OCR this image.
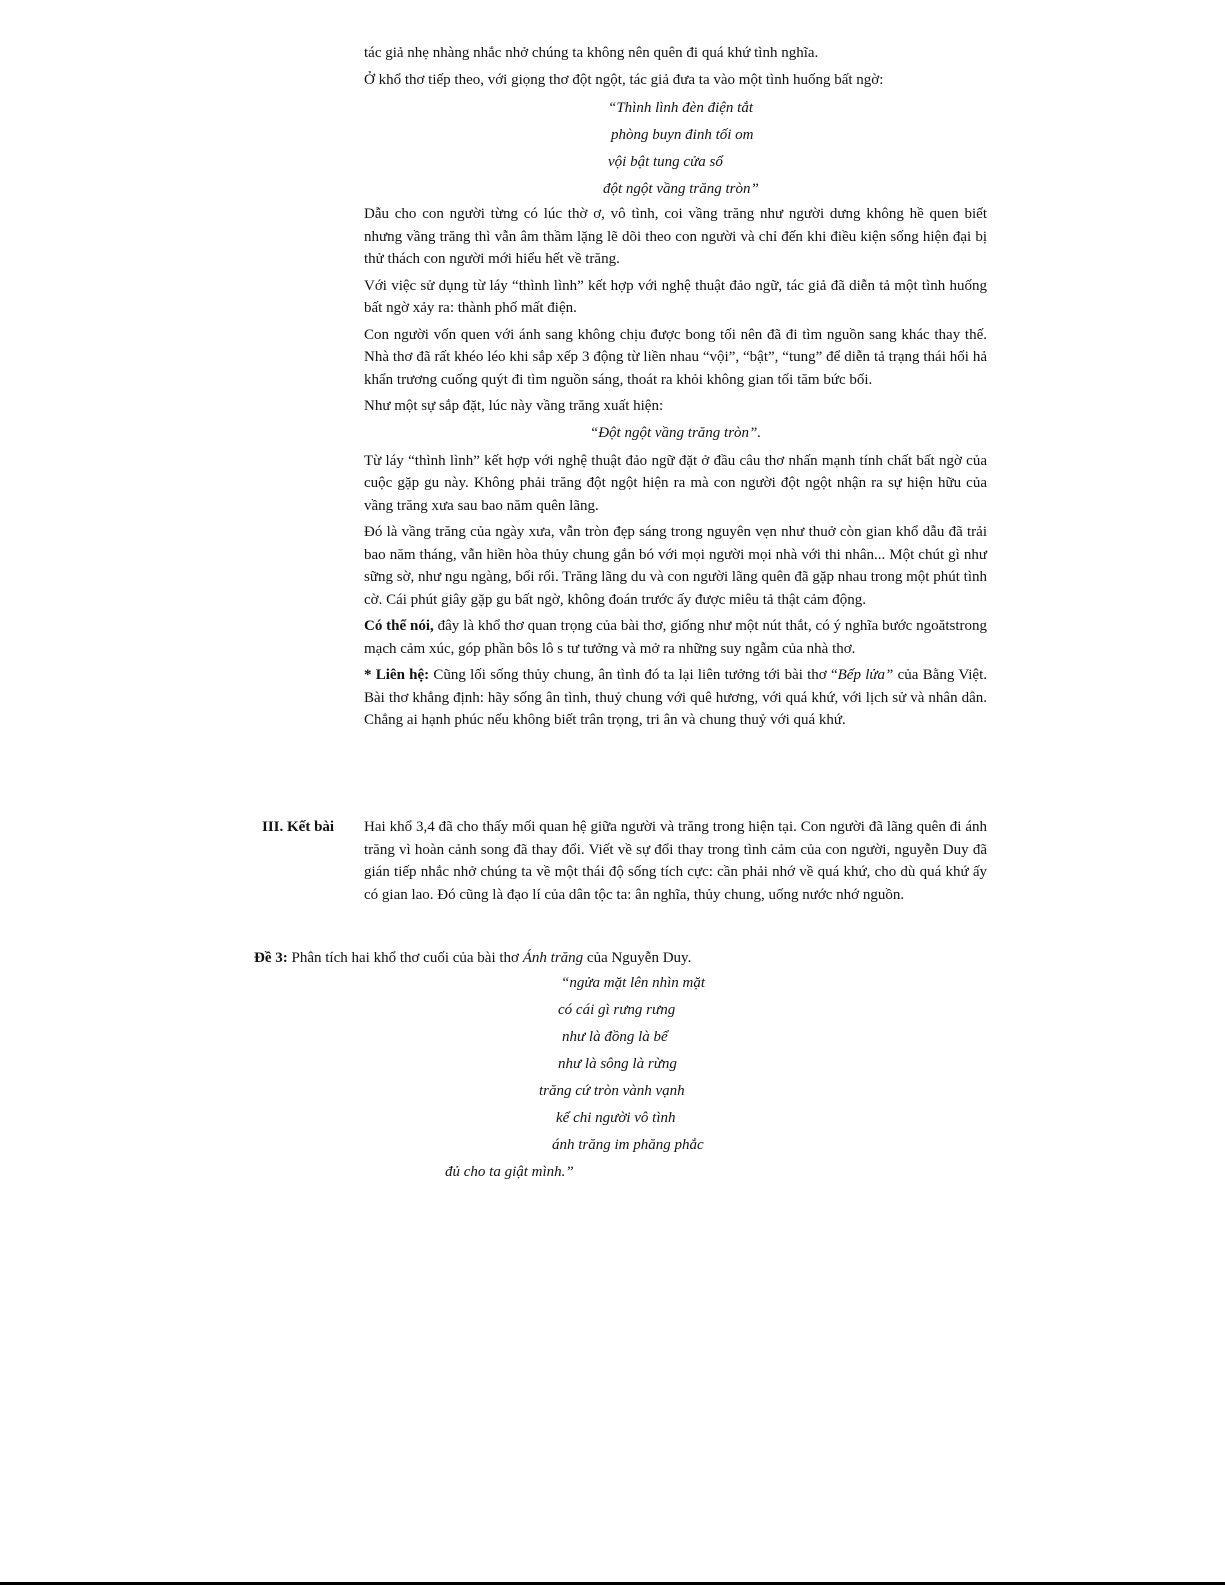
tác giả nhẹ nhàng nhắc nhở chúng ta không nên quên đi quá khứ tình nghĩa.

Ở khổ thơ tiếp theo, với giọng thơ đột ngột, tác giả đưa ta vào một tình huống bất ngờ:

“Thình lình đèn điện tắt
phòng buyn đinh tối om
vội bật tung cửa sổ
đột ngột vầng trăng tròn”

Dẫu cho con người từng có lúc thờ ơ, vô tình, coi vầng trăng như người dưng không hề quen biết nhưng vầng trăng thì vẫn âm thầm lặng lẽ dõi theo con người và chỉ đến khi điều kiện sống hiện đại bị thử thách con người mới hiểu hết về trăng.

Với việc sử dụng từ láy “thình lình” kết hợp với nghệ thuật đảo ngữ, tác giả đã diễn tả một tình huống bất ngờ xảy ra: thành phố mất điện.

Con người vốn quen với ánh sang không chịu được bong tối nên đã đi tìm nguồn sang khác thay thế. Nhà thơ đã rất khéo léo khi sắp xếp 3 động từ liền nhau “vội”, “bật”, “tung” để diễn tả trạng thái hối hả khẩn trương cuống quýt đi tìm nguồn sáng, thoát ra khỏi không gian tối tăm bức bối.

Như một sự sắp đặt, lúc này vầng trăng xuất hiện:

“Đột ngột vầng trăng tròn”.

Từ láy “thình lình” kết hợp với nghệ thuật đảo ngữ đặt ở đầu câu thơ nhấn mạnh tính chất bất ngờ của cuộc gặp gu này. Không phải trăng đột ngột hiện ra mà con người đột ngột nhận ra sự hiện hữu của vầng trăng xưa sau bao năm quên lãng.

Đó là vầng trăng của ngày xưa, vẫn tròn đẹp sáng trong nguyên vẹn như thuở còn gian khổ dẫu đã trải bao năm tháng, vẫn hiền hòa thủy chung gắn bó với mọi người mọi nhà với thi nhân... Một chút gì như sững sờ, như ngu ngàng, bối rối. Trăng lãng du và con người lãng quên đã gặp nhau trong một phút tình cờ. Cái phút giây gặp gu bất ngờ, không đoán trước ấy được miêu tả thật cảm động.

Có thể nói, đây là khổ thơ quan trọng của bài thơ, giống như một nút thắt, có ý nghĩa bước ngoătstrong mạch cảm xúc, góp phần bôs lô s tư tưởng và mở ra những suy ngẫm của nhà thơ.

* Liên hệ: Cũng lối sống thủy chung, ân tình đó ta lại liên tưởng tới bài thơ “Bếp lửa” của Bằng Việt. Bài thơ khẳng định: hãy sống ân tình, thuỷ chung với quê hương, với quá khứ, với lịch sử và nhân dân. Chẳng ai hạnh phúc nếu không biết trân trọng, tri ân và chung thuỷ với quá khứ.

III. Kết bài Hai khổ 3,4 đã cho thấy mối quan hệ giữa người và trăng trong hiện tại. Con người đã lãng quên đi ánh trăng vì hoàn cảnh song đã thay đổi. Viết về sự đổi thay trong tình cảm của con người, nguyễn Duy đã gián tiếp nhắc nhở chúng ta về một thái độ sống tích cực: cần phải nhớ về quá khứ, cho dù quá khứ ấy có gian lao. Đó cũng là đạo lí của dân tộc ta: ân nghĩa, thủy chung, uống nước nhớ nguồn.

Đề 3: Phân tích hai khổ thơ cuối của bài thơ Ánh trăng của Nguyễn Duy.
“ngửa mặt lên nhìn mặt
có cái gì rưng rưng
như là đồng là bể
như là sông là rừng
trăng cứ tròn vành vạnh
kể chi người vô tình
ánh trăng im phăng phắc
đủ cho ta giật mình.”
